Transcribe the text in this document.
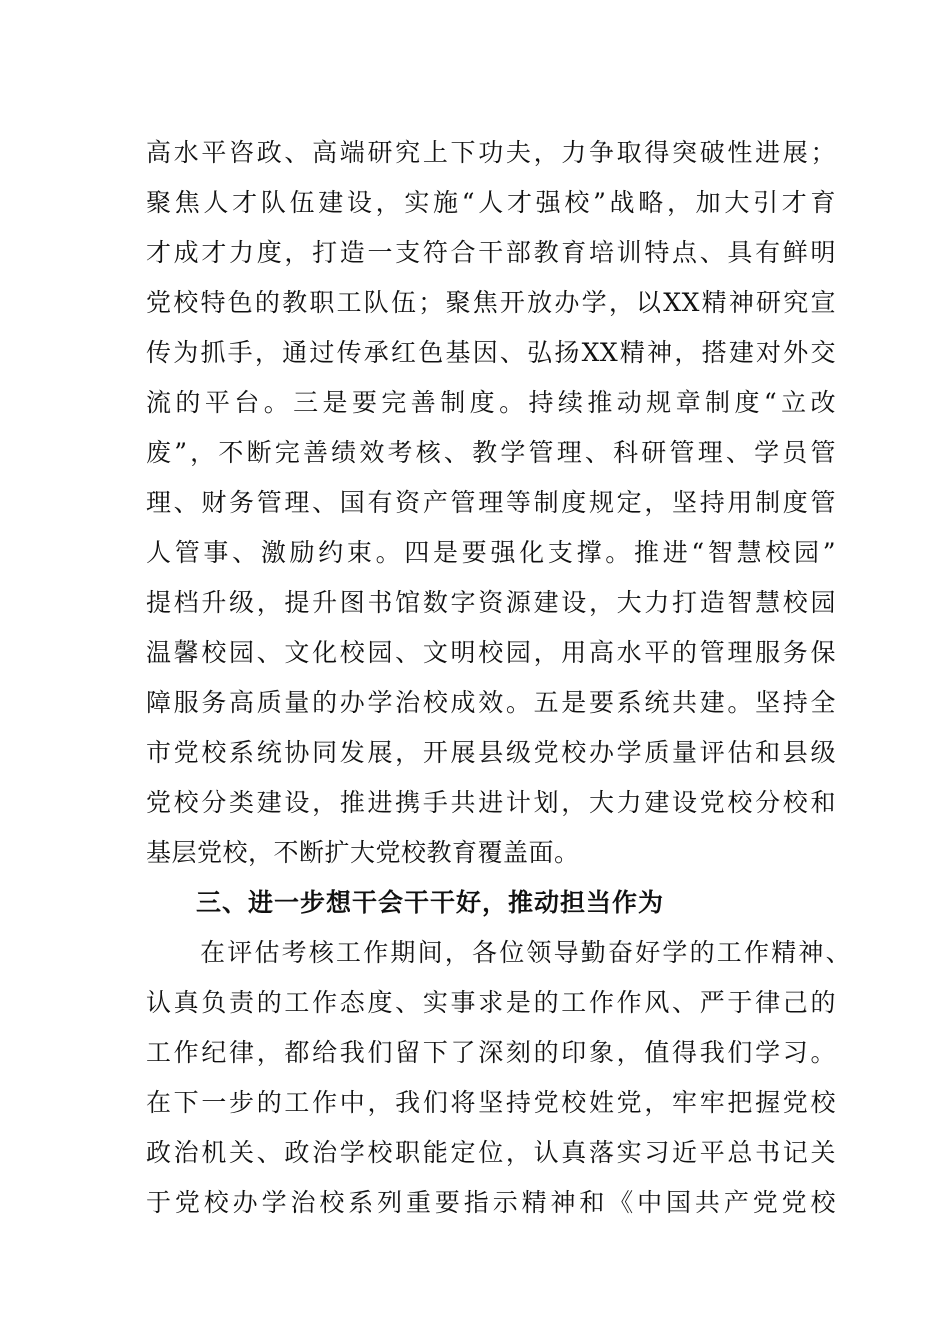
高水平咨政、高端研究上下功夫，力争取得突破性进展；
聚焦人才队伍建设，实施“人才强校”战略，加大引才育
才成才力度，打造一支符合干部教育培训特点、具有鲜明
党校特色的教职工队伍；聚焦开放办学，以XX精神研究宣
传为抓手，通过传承红色基因、弘扬XX精神，搭建对外交
流的平台。三是要完善制度。持续推动规章制度“立改
废”，不断完善绩效考核、教学管理、科研管理、学员管
理、财务管理、国有资产管理等制度规定，坚持用制度管
人管事、激励约束。四是要强化支撑。推进“智慧校园”
提档升级，提升图书馆数字资源建设，大力打造智慧校园
温馨校园、文化校园、文明校园，用高水平的管理服务保
障服务高质量的办学治校成效。五是要系统共建。坚持全
市党校系统协同发展，开展县级党校办学质量评估和县级
党校分类建设，推进携手共进计划，大力建设党校分校和
基层党校，不断扩大党校教育覆盖面。
三、进一步想干会干干好，推动担当作为
在评估考核工作期间，各位领导勤奋好学的工作精神、
认真负责的工作态度、实事求是的工作作风、严于律己的
工作纪律，都给我们留下了深刻的印象，值得我们学习。
在下一步的工作中，我们将坚持党校姓党，牢牢把握党校
政治机关、政治学校职能定位，认真落实习近平总书记关
于党校办学治校系列重要指示精神和《中国共产党党校
